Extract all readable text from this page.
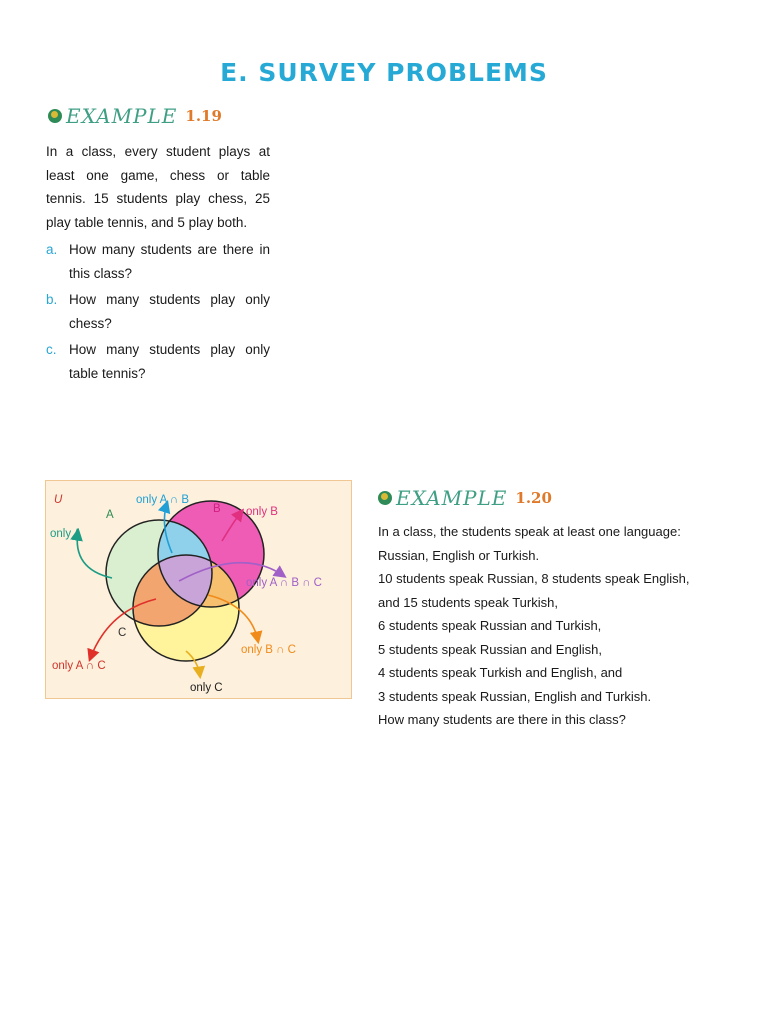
E. SURVEY PROBLEMS
EXAMPLE 1.19

In a class, every student plays at least one game, chess or table tennis. 15 students play chess, 25 play table tennis, and 5 play both.

a. How many students are there in this class?
b. How many students play only chess?
c. How many students play only table tennis?
U
A	B
C
only A
only A ∩ B
only B
only A ∩ B ∩ C
only B ∩ C
only A ∩ C
only C
EXAMPLE 1.20
In a class, the students speak at least one language:
Russian, English or Turkish.
10 students speak Russian, 8 students speak English,
and 15 students speak Turkish,
6 students speak Russian and Turkish,
5 students speak Russian and English,
4 students speak Turkish and English, and
3 students speak Russian, English and Turkish.
How many students are there in this class?
